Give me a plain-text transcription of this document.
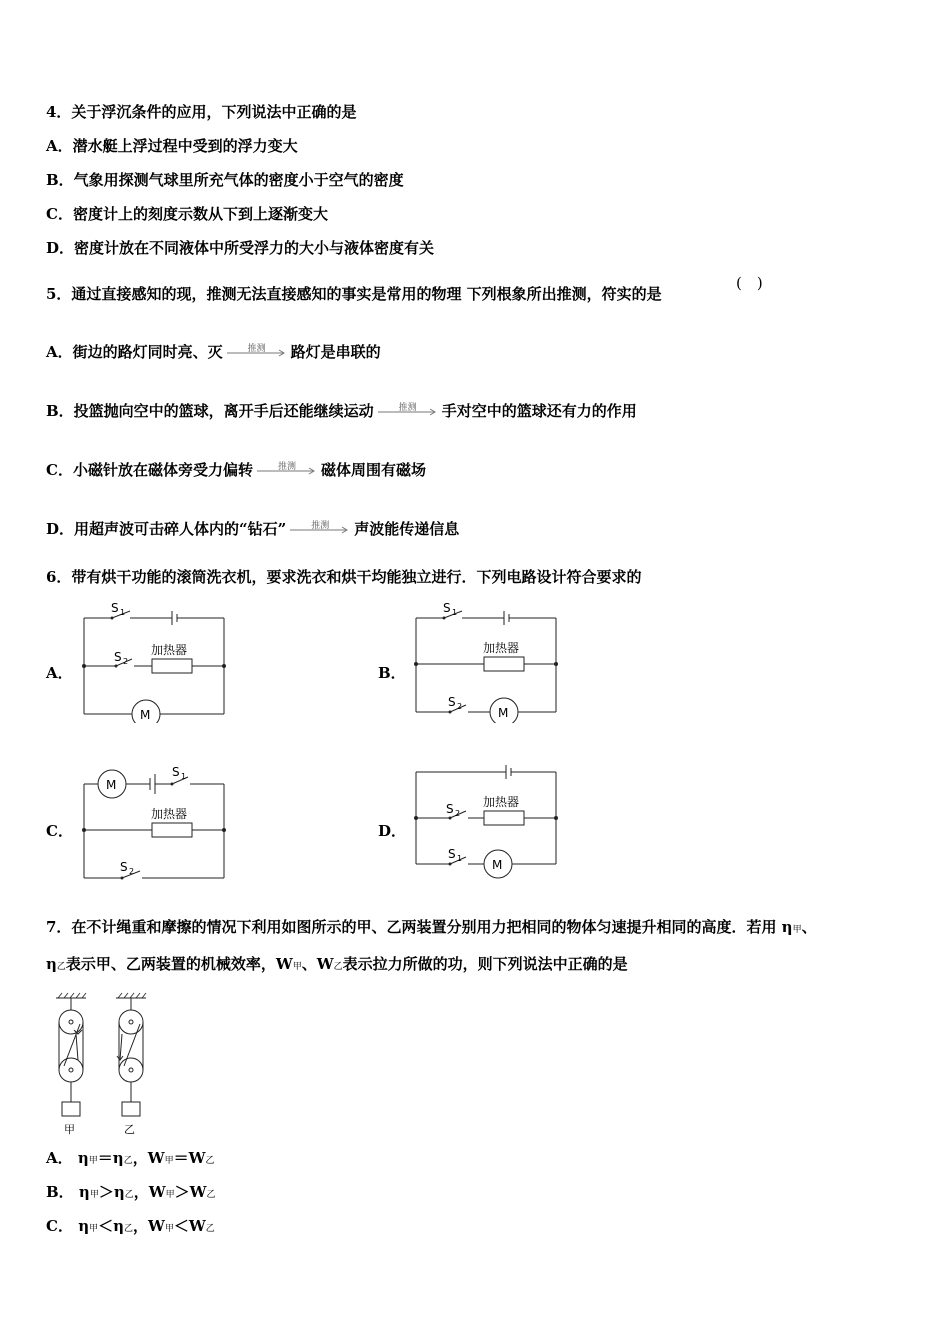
4．关于浮沉条件的应用，下列说法中正确的是
A．潜水艇上浮过程中受到的浮力变大
B．气象用探测气球里所充气体的密度小于空气的密度
C．密度计上的刻度示数从下到上逐渐变大
D．密度计放在不同液体中所受浮力的大小与液体密度有关
5．通过直接感知的现，推测无法直接感知的事实是常用的物理 下列根象所出推测，符实的是
(　)
A．街边的路灯同时亮、灭	推测	路灯是串联的
B．投篮抛向空中的篮球，离开手后还能继续运动	推测	手对空中的篮球还有力的作用
C．小磁针放在磁体旁受力偏转	推测	磁体周围有磁场
D．用超声波可击碎人体内的“钻石”	推测	声波能传递信息
6．带有烘干功能的滚筒洗衣机，要求洗衣和烘干均能独立进行．下列电路设计符合要求的
A．	B．
C．	D．
S 1
S 2
加热器
M
S 1
加热器
S 2	M
M
S 1
加热器
S 2
S 2
加热器
S 1 M
7．在不计绳重和摩擦的情况下利用如图所示的甲、乙两装置分别用力把相同的物体匀速提升相同的高度．若用 η甲、
η乙表示甲、乙两装置的机械效率，W甲、W乙表示拉力所做的功，则下列说法中正确的是
甲	乙
A． η甲＝η乙，W甲＝W乙
B． η甲＞η乙，W甲＞W乙
C． η甲＜η乙，W甲＜W乙
